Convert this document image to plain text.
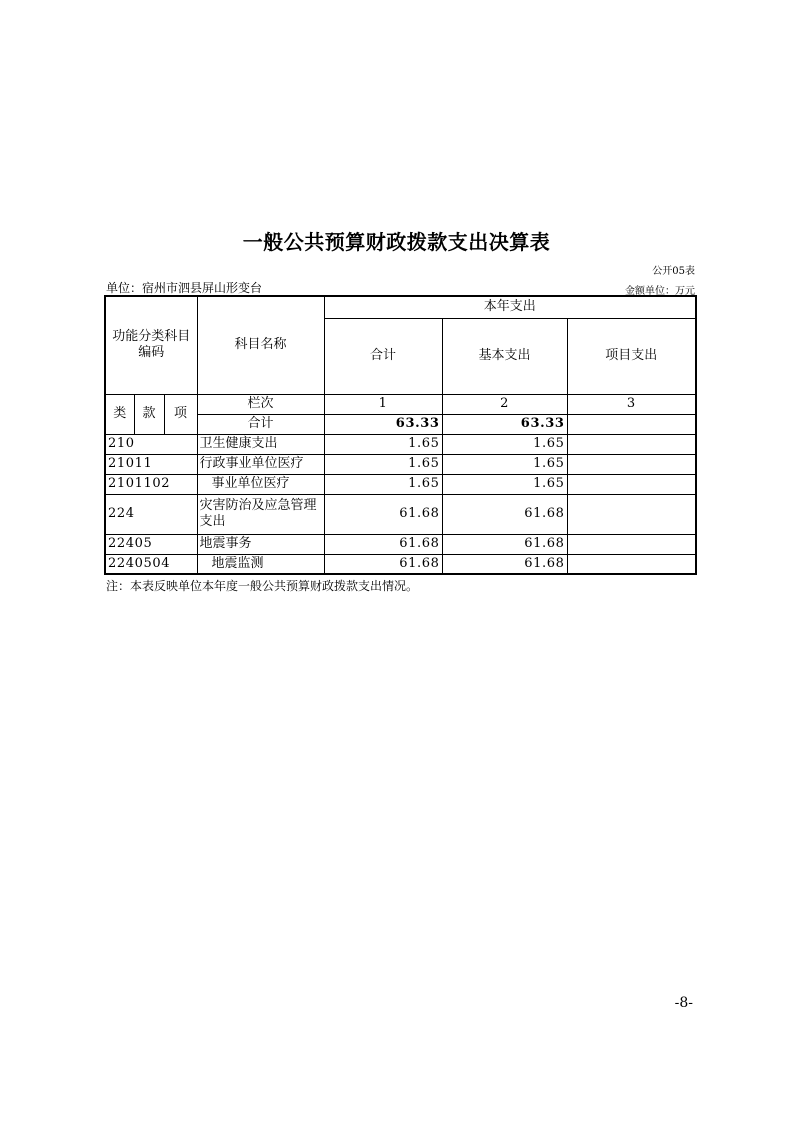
一般公共预算财政拨款支出决算表
公开05表
单位：宿州市泗县屏山形变台	金额单位：万元
功能分类科目编码			科目名称	本年支出		
				合计	基本支出	项目支出
类	款	项	栏次	1	2	3
			合计	63.33	63.33	
210			卫生健康支出	1.65	1.65	
21011			行政事业单位医疗	1.65	1.65	
2101102			事业单位医疗	1.65	1.65	
224			灾害防治及应急管理支出	61.68	61.68	
22405			地震事务	61.68	61.68	
2240504			地震监测	61.68	61.68	
注：本表反映单位本年度一般公共预算财政拨款支出情况。
-8-
